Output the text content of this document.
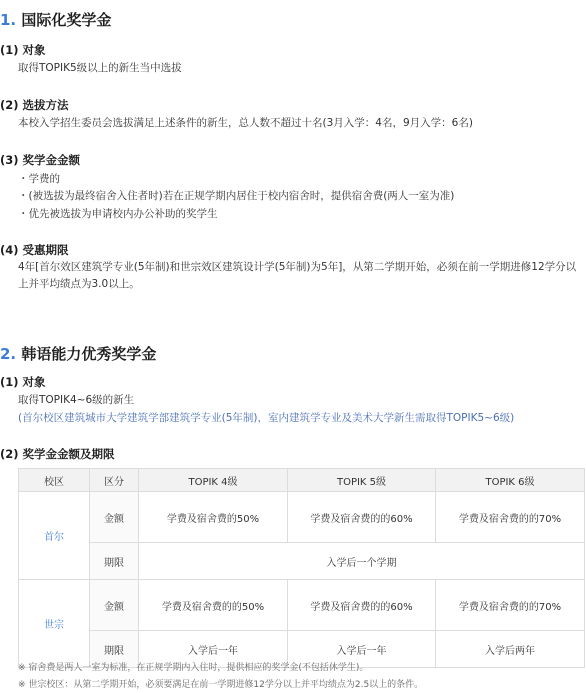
1. 国际化奖学金
(1) 对象
取得TOPIK5级以上的新生当中选拔
(2) 选拔方法
本校入学招生委员会选拔满足上述条件的新生，总人数不超过十名(3月入学：4名，9月入学：6名)
(3) 奖学金金额
・ 学费的
・ (被选拔为最终宿舍入住者时)若在正规学期内居住于校内宿舍时，提供宿舍费(两人一室为准)
・ 优先被选拔为申请校内办公补助的奖学生
(4) 受惠期限
4年[首尔效区建筑学专业(5年制)和世宗效区建筑设计学(5年制)为5年]，从第二学期开始，必须在前一学期进修12学分以上并平均绩点为3.0以上。
2. 韩语能力优秀奖学金
(1) 对象
取得TOPIK4~6级的新生
(首尔校区建筑城市大学建筑学部建筑学专业(5年制)，室内建筑学专业及美术大学新生需取得TOPIK5~6级)
(2) 奖学金金额及期限
校区	区分	TOPIK 4级	TOPIK 5级	TOPIK 6级
首尔	金额	学费及宿舍费的50%	学费及宿舍费的的60%	学费及宿舍费的的70%
	期限	入学后一个学期		
世宗	金额	学费及宿舍费的的50%	学费及宿舍费的的60%	学费及宿舍费的的70%
	期限	入学后一年	入学后一年	入学后两年
※ 宿舍费是两人一室为标准，在正规学期内入住时，提供相应的奖学金(不包括休学生)。
※ 世宗校区：从第二学期开始，必须要满足在前一学期进修12学分以上并平均绩点为2.5以上的条件。
